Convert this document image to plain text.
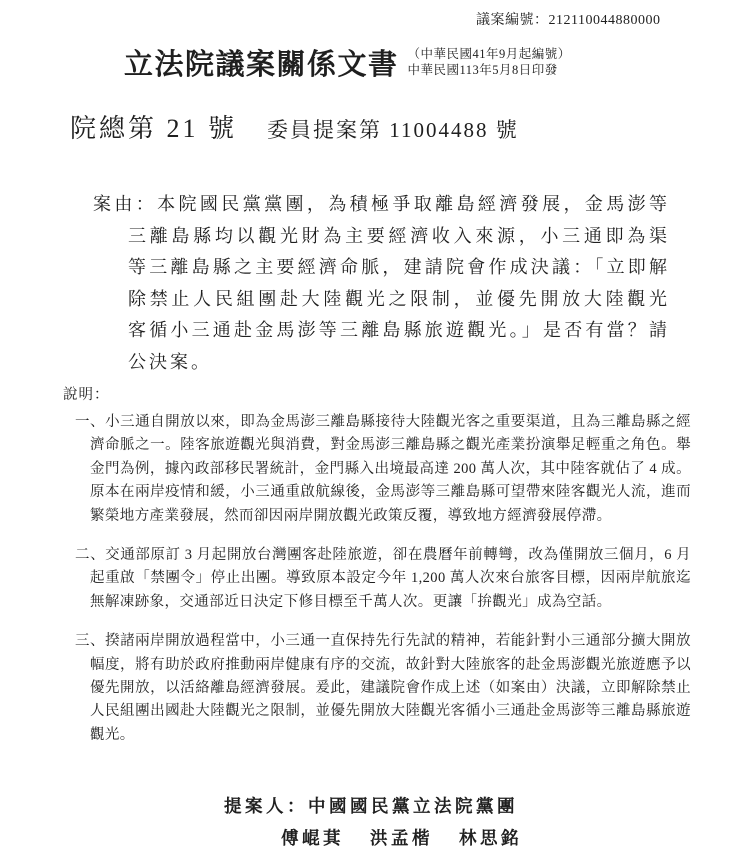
議案編號：212110044880000
立法院議案關係文書 （中華民國41年9月起編號）
中華民國113年5月8日印發
院總第 21 號 委員提案第 11004488 號
案由：本院國民黨黨團，為積極爭取離島經濟發展，金馬澎等三離島縣均以觀光財為主要經濟收入來源，小三通即為渠等三離島縣之主要經濟命脈，建請院會作成決議：「立即解除禁止人民組團赴大陸觀光之限制，並優先開放大陸觀光客循小三通赴金馬澎等三離島縣旅遊觀光。」是否有當？請公決案。
說明：
一、小三通自開放以來，即為金馬澎三離島縣接待大陸觀光客之重要渠道，且為三離島縣之經濟命脈之一。陸客旅遊觀光與消費，對金馬澎三離島縣之觀光產業扮演舉足輕重之角色。舉金門為例，據內政部移民署統計，金門縣入出境最高達 200 萬人次，其中陸客就佔了 4 成。原本在兩岸疫情和緩，小三通重啟航線後，金馬澎等三離島縣可望帶來陸客觀光人流，進而繁榮地方產業發展，然而卻因兩岸開放觀光政策反覆，導致地方經濟發展停滯。
二、交通部原訂 3 月起開放台灣團客赴陸旅遊，卻在農曆年前轉彎，改為僅開放三個月，6 月起重啟「禁團令」停止出團。導致原本設定今年 1,200 萬人次來台旅客目標，因兩岸航旅迄無解凍跡象，交通部近日決定下修目標至千萬人次。更讓「拚觀光」成為空話。
三、揆諸兩岸開放過程當中，小三通一直保持先行先試的精神，若能針對小三通部分擴大開放幅度，將有助於政府推動兩岸健康有序的交流，故針對大陸旅客的赴金馬澎觀光旅遊應予以優先開放，以活絡離島經濟發展。爰此，建議院會作成上述（如案由）決議，立即解除禁止人民組團出國赴大陸觀光之限制，並優先開放大陸觀光客循小三通赴金馬澎等三離島縣旅遊觀光。
提案人：中國國民黨立法院黨團
傅崐萁 洪孟楷 林思銘
